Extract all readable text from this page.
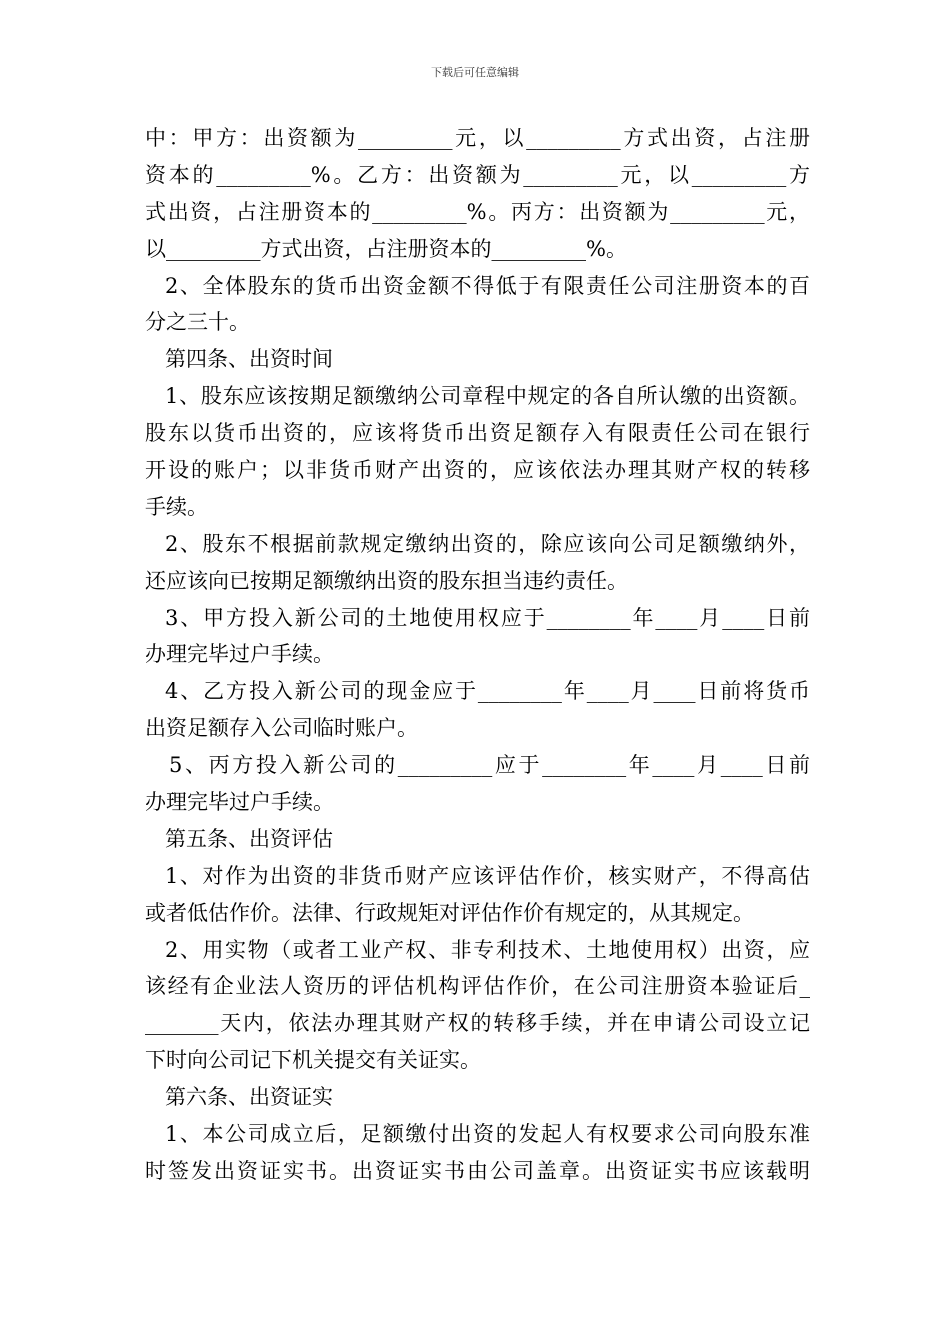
下载后可任意编辑
中：甲方：出资额为_________元，以_________方式出资，占注册
资本的_________%。乙方：出资额为_________元，以_________方
式出资，占注册资本的_________%。丙方：出资额为_________元，
以_________方式出资，占注册资本的_________%。
2、全体股东的货币出资金额不得低于有限责任公司注册资本的百
分之三十。
第四条、出资时间
1、股东应该按期足额缴纳公司章程中规定的各自所认缴的出资额。
股东以货币出资的，应该将货币出资足额存入有限责任公司在银行
开设的账户；以非货币财产出资的，应该依法办理其财产权的转移
手续。
2、股东不根据前款规定缴纳出资的，除应该向公司足额缴纳外，
还应该向已按期足额缴纳出资的股东担当违约责任。
3、甲方投入新公司的土地使用权应于________年____月____日前
办理完毕过户手续。
4、乙方投入新公司的现金应于________年____月____日前将货币
出资足额存入公司临时账户。
5、丙方投入新公司的_________应于________年____月____日前
办理完毕过户手续。
第五条、出资评估
1、对作为出资的非货币财产应该评估作价，核实财产，不得高估
或者低估作价。法律、行政规矩对评估作价有规定的，从其规定。
2、用实物（或者工业产权、非专利技术、土地使用权）出资，应
该经有企业法人资历的评估机构评估作价，在公司注册资本验证后_
_______天内，依法办理其财产权的转移手续，并在申请公司设立记
下时向公司记下机关提交有关证实。
第六条、出资证实
1、本公司成立后，足额缴付出资的发起人有权要求公司向股东准
时签发出资证实书。出资证实书由公司盖章。出资证实书应该载明
